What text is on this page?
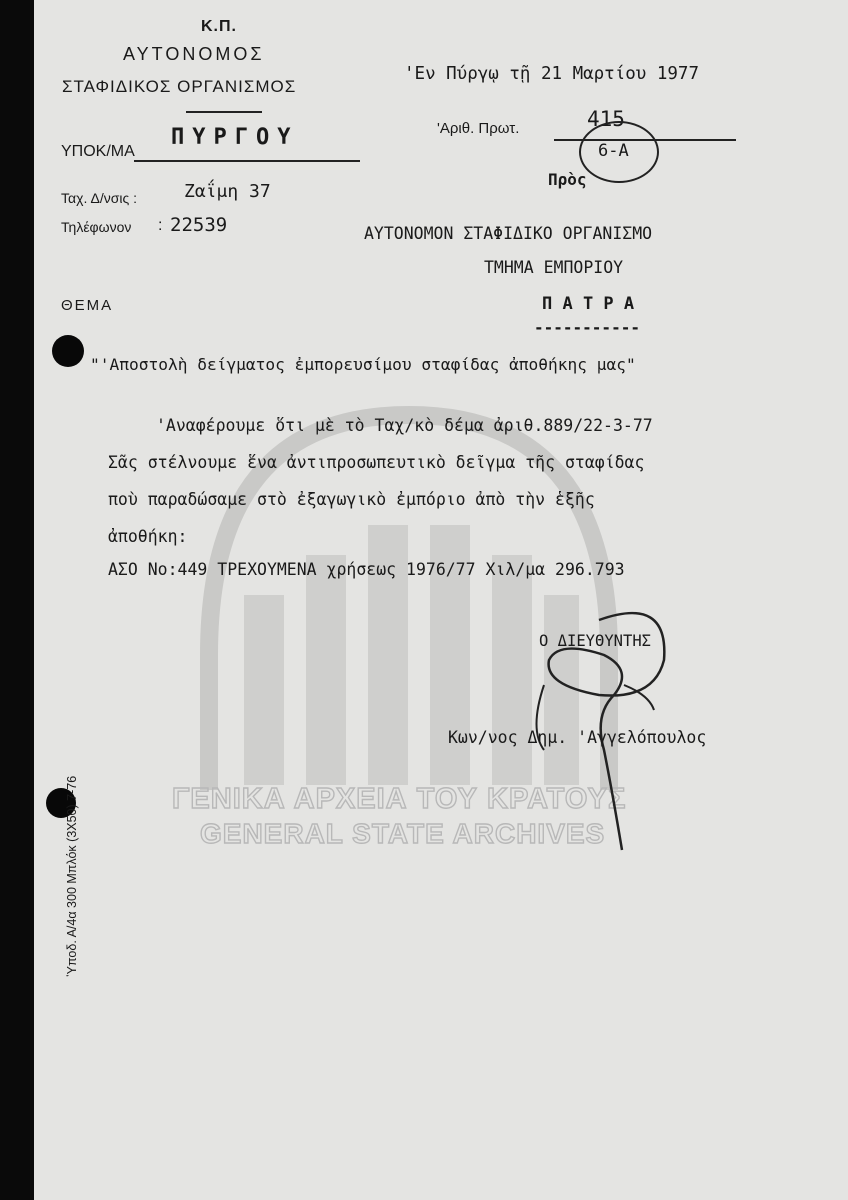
ΓΕΝΙΚΑ ΑΡΧΕΙΑ ΤΟΥ ΚΡΑΤΟΥΣ
GENERAL STATE ARCHIVES
Κ.Π.
ΑΥΤΟΝΟΜΟΣ
ΣΤΑΦΙΔΙΚΟΣ ΟΡΓΑΝΙΣΜΟΣ
ΥΠΟΚ/ΜΑ
ΠΥΡΓΟΥ
Ταχ. Δ/νσις :	Ζαΐμη 37
Τηλέφωνον : 22539
ΘΕΜΑ
'Εν Πύργῳ τῇ 21 Μαρτίου 1977
'Αριθ. Πρωτ.	415
6-Α
Πρὸς
ΑΥΤΟΝΟΜΟΝ ΣΤΑΦΙΔΙΚΟ ΟΡΓΑΝΙΣΜΟ
ΤΜΗΜΑ ΕΜΠΟΡΙΟΥ
Π Α Τ Ρ Α
-----------
"'Αποστολὴ δείγματος ἐμπορευσίμου σταφίδας ἀποθήκης μας"
'Αναφέρουμε ὅτι μὲ τὸ Ταχ/κὸ δέμα ἀριθ.889/22-3-77
Σᾶς στέλνουμε ἕνα ἀντιπροσωπευτικὸ δεῖγμα τῆς σταφίδας
ποὺ παραδώσαμε στὸ ἐξαγωγικὸ ἐμπόριο ἀπὸ τὴν ἑξῆς
ἀποθήκη:
ΑΣΟ Νο:449 ΤΡΕΧΟΥΜΕΝΑ χρήσεως 1976/77 Χιλ/μα 296.793
Ο ΔΙΕΥΘΥΝΤΗΣ
Κων/νος Δημ. 'Αγγελόπουλος
Ὑποδ. Α/4α 300 Μπλόκ (3Χ50) 7-76
